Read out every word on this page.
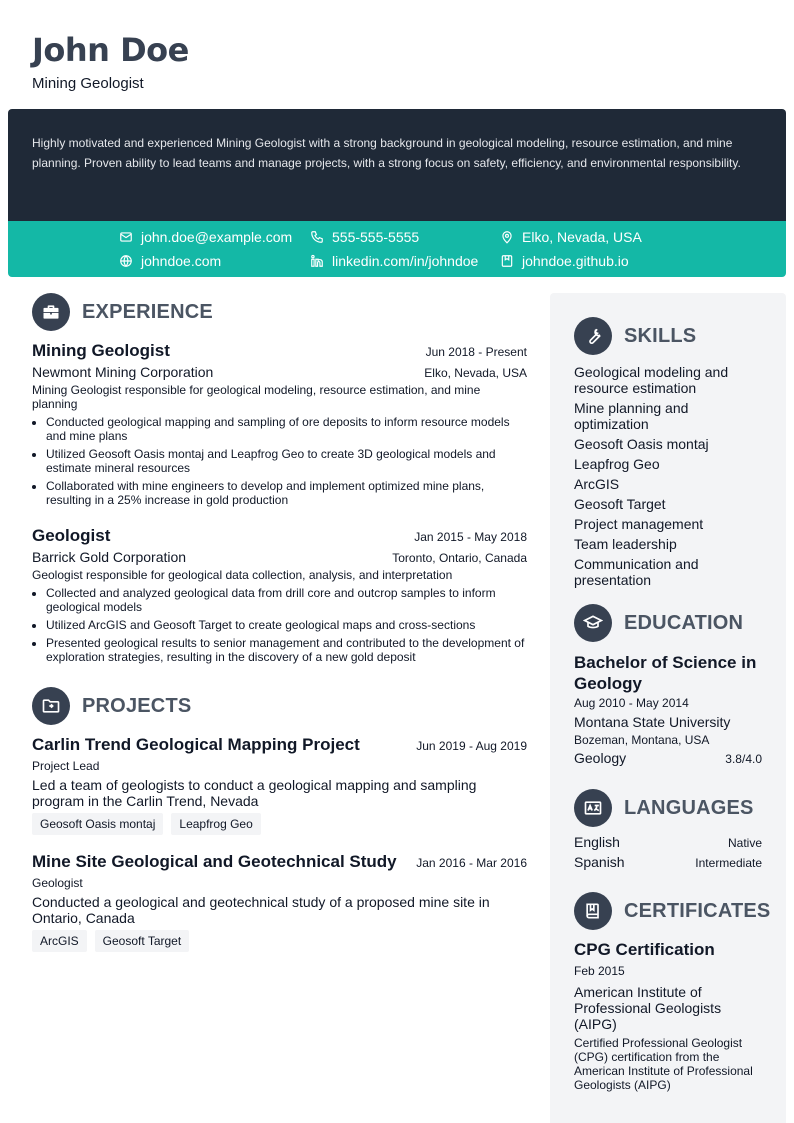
John Doe
Mining Geologist

Highly motivated and experienced Mining Geologist with a strong background in geological modeling, resource estimation, and mine planning. Proven ability to lead teams and manage projects, with a strong focus on safety, efficiency, and environmental responsibility.

john.doe@example.com	555-555-5555	Elko, Nevada, USA
johndoe.com	linkedin.com/in/johndoe	johndoe.github.io
EXPERIENCE
Mining Geologist	Jun 2018 - Present
Newmont Mining Corporation	Elko, Nevada, USA
Mining Geologist responsible for geological modeling, resource estimation, and mine planning
• Conducted geological mapping and sampling of ore deposits to inform resource models and mine plans
• Utilized Geosoft Oasis montaj and Leapfrog Geo to create 3D geological models and estimate mineral resources
• Collaborated with mine engineers to develop and implement optimized mine plans, resulting in a 25% increase in gold production
Geologist	Jan 2015 - May 2018
Barrick Gold Corporation	Toronto, Ontario, Canada
Geologist responsible for geological data collection, analysis, and interpretation
• Collected and analyzed geological data from drill core and outcrop samples to inform geological models
• Utilized ArcGIS and Geosoft Target to create geological maps and cross-sections
• Presented geological results to senior management and contributed to the development of exploration strategies, resulting in the discovery of a new gold deposit
PROJECTS
Carlin Trend Geological Mapping Project	Jun 2019 - Aug 2019
Project Lead
Led a team of geologists to conduct a geological mapping and sampling program in the Carlin Trend, Nevada
Geosoft Oasis montaj	Leapfrog Geo
Mine Site Geological and Geotechnical Study Jan 2016 - Mar 2016
Geologist
Conducted a geological and geotechnical study of a proposed mine site in Ontario, Canada
ArcGIS	Geosoft Target
SKILLS
Geological modeling and resource estimation
Mine planning and optimization
Geosoft Oasis montaj
Leapfrog Geo
ArcGIS
Geosoft Target
Project management
Team leadership
Communication and presentation
EDUCATION
Bachelor of Science in Geology
Aug 2010 - May 2014
Montana State University
Bozeman, Montana, USA
Geology	3.8/4.0
LANGUAGES
English	Native
Spanish	Intermediate
CERTIFICATES
CPG Certification
Feb 2015
American Institute of Professional Geologists (AIPG)
Certified Professional Geologist (CPG) certification from the American Institute of Professional Geologists (AIPG)
